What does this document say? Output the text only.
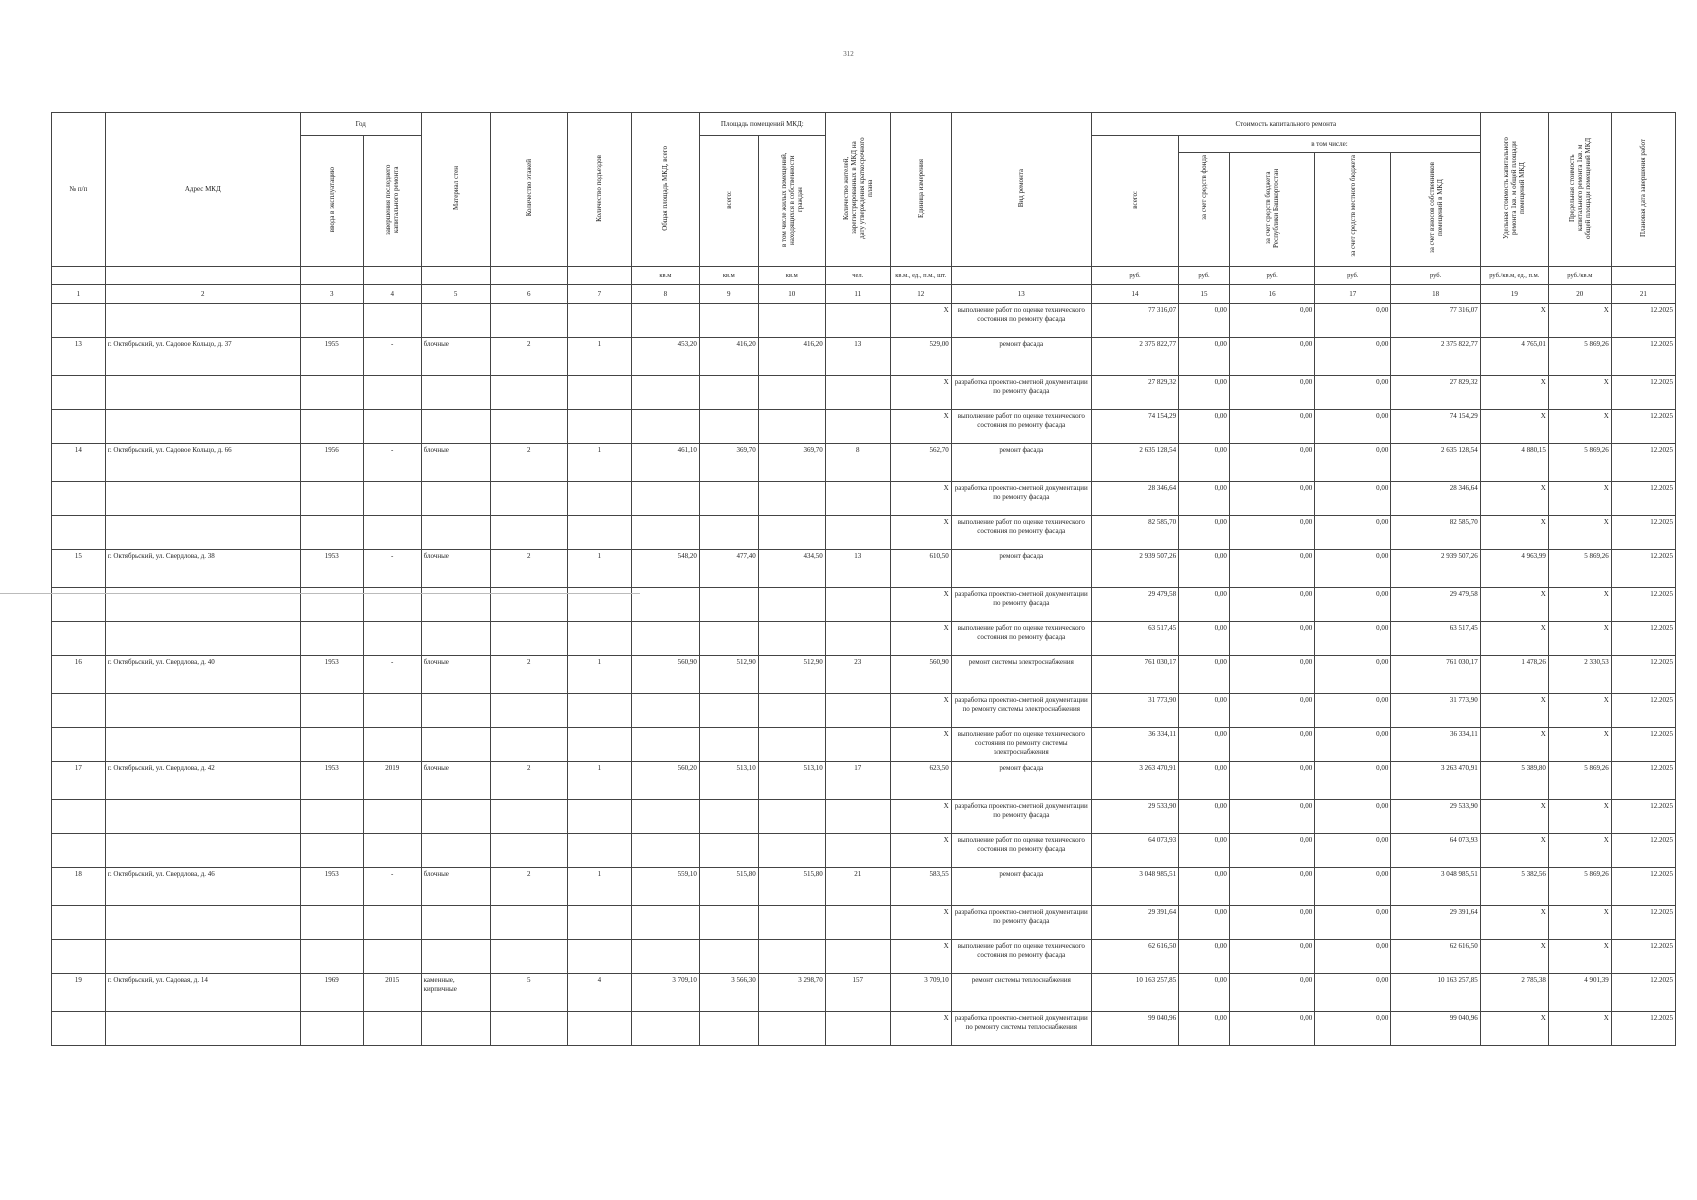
312
№ п/п	Адрес МКД	Год		Материал стен	Количество этажей	Количество подъездов	Общая площадь МКД, всего	Площадь помещений МКД:		Количество жителей, зарегистрированных в МКД на дату утверждения краткосрочного плана	Единица измерения	Вид ремонта	Стоимость капитального ремонта					Удельная стоимость капитального ремонта 1кв. м общей площади помещений МКД	Предельная стоимость капитального ремонта 1кв. м общей площади помещений МКД	Плановая дата завершения работ
		ввода в эксплуатацию	завершения последнего капитального ремонта					всего:	в том числе жилых помещений, находящихся в собственности граждан				всего:	в том числе:						
														за счет средств фонда	за счет средств бюджета Республики Башкортостан	за счет средств местного бюджета	за счет взносов собственников помещений в МКД			
							кв.м	кв.м	кв.м	чел.	кв.м., ед., п.м., шт.		руб.	руб.	руб.	руб.	руб.	руб./кв.м, ед., п.м.	руб./кв.м	
1	2	3	4	5	6	7	8	9	10	11	12	13	14	15	16	17	18	19	20	21
											X	выполнение работ по оценке технического состояния по ремонту фасада	77 316,07	0,00	0,00	0,00	77 316,07	X	X	12.2025
13	г. Октябрьский, ул. Садовое Кольцо, д. 37	1955	-	блочные	2	1	453,20	416,20	416,20	13	529,00	ремонт фасада	2 375 822,77	0,00	0,00	0,00	2 375 822,77	4 765,01	5 869,26	12.2025
											X	разработка проектно-сметной документации по ремонту фасада	27 829,32	0,00	0,00	0,00	27 829,32	X	X	12.2025
											X	выполнение работ по оценке технического состояния по ремонту фасада	74 154,29	0,00	0,00	0,00	74 154,29	X	X	12.2025
14	г. Октябрьский, ул. Садовое Кольцо, д. 66	1956	-	блочные	2	1	461,10	369,70	369,70	8	562,70	ремонт фасада	2 635 128,54	0,00	0,00	0,00	2 635 128,54	4 880,15	5 869,26	12.2025
											X	разработка проектно-сметной документации по ремонту фасада	28 346,64	0,00	0,00	0,00	28 346,64	X	X	12.2025
											X	выполнение работ по оценке технического состояния по ремонту фасада	82 585,70	0,00	0,00	0,00	82 585,70	X	X	12.2025
15	г. Октябрьский, ул. Свердлова, д. 38	1953	-	блочные	2	1	548,20	477,40	434,50	13	610,50	ремонт фасада	2 939 507,26	0,00	0,00	0,00	2 939 507,26	4 963,99	5 869,26	12.2025
											X	разработка проектно-сметной документации по ремонту фасада	29 479,58	0,00	0,00	0,00	29 479,58	X	X	12.2025
											X	выполнение работ по оценке технического состояния по ремонту фасада	63 517,45	0,00	0,00	0,00	63 517,45	X	X	12.2025
16	г. Октябрьский, ул. Свердлова, д. 40	1953	-	блочные	2	1	560,90	512,90	512,90	23	560,90	ремонт системы электроснабжения	761 030,17	0,00	0,00	0,00	761 030,17	1 478,26	2 330,53	12.2025
											X	разработка проектно-сметной документации по ремонту системы электроснабжения	31 773,90	0,00	0,00	0,00	31 773,90	X	X	12.2025
											X	выполнение работ по оценке технического состояния по ремонту системы электроснабжения	36 334,11	0,00	0,00	0,00	36 334,11	X	X	12.2025
17	г. Октябрьский, ул. Свердлова, д. 42	1953	2019	блочные	2	1	560,20	513,10	513,10	17	623,50	ремонт фасада	3 263 470,91	0,00	0,00	0,00	3 263 470,91	5 389,80	5 869,26	12.2025
											X	разработка проектно-сметной документации по ремонту фасада	29 533,90	0,00	0,00	0,00	29 533,90	X	X	12.2025
											X	выполнение работ по оценке технического состояния по ремонту фасада	64 073,93	0,00	0,00	0,00	64 073,93	X	X	12.2025
18	г. Октябрьский, ул. Свердлова, д. 46	1953	-	блочные	2	1	559,10	515,80	515,80	21	583,55	ремонт фасада	3 048 985,51	0,00	0,00	0,00	3 048 985,51	5 382,56	5 869,26	12.2025
											X	разработка проектно-сметной документации по ремонту фасада	29 391,64	0,00	0,00	0,00	29 391,64	X	X	12.2025
											X	выполнение работ по оценке технического состояния по ремонту фасада	62 616,50	0,00	0,00	0,00	62 616,50	X	X	12.2025
19	г. Октябрьский, ул. Садовая, д. 14	1969	2015	каменные, кирпичные	5	4	3 709,10	3 566,30	3 298,70	157	3 709,10	ремонт системы теплоснабжения	10 163 257,85	0,00	0,00	0,00	10 163 257,85	2 785,38	4 901,39	12.2025
											X	разработка проектно-сметной документации по ремонту системы теплоснабжения	99 040,96	0,00	0,00	0,00	99 040,96	X	X	12.2025
